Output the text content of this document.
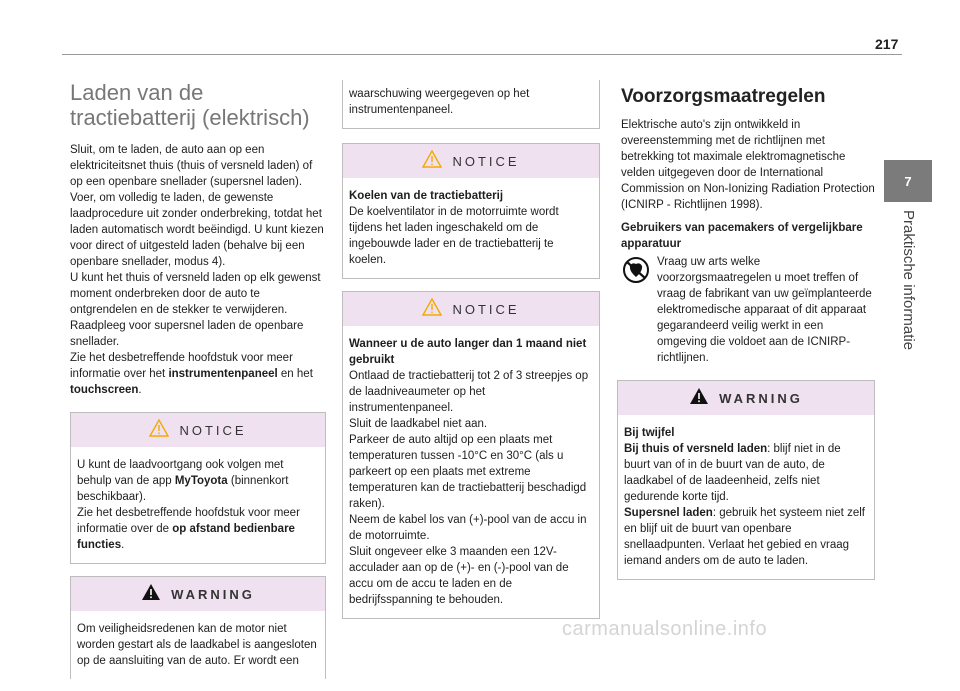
217
7
Praktische informatie
Laden van de tractiebatterij (elektrisch)

Sluit, om te laden, de auto aan op een elektriciteitsnet thuis (thuis of versneld laden) of op een openbare snellader (supersnel laden).

Voer, om volledig te laden, de gewenste laadprocedure uit zonder onderbreking, totdat het laden automatisch wordt beëindigd. U kunt kiezen voor direct of uitgesteld laden (behalve bij een openbare snellader, modus 4).

U kunt het thuis of versneld laden op elk gewenst moment onderbreken door de auto te ontgrendelen en de stekker te verwijderen. Raadpleeg voor supersnel laden de openbare snellader.

Zie het desbetreffende hoofdstuk voor meer informatie over het instrumentenpaneel en het touchscreen.

NOTICE

U kunt de laadvoortgang ook volgen met behulp van de app MyToyota (binnenkort beschikbaar).

Zie het desbetreffende hoofdstuk voor meer informatie over de op afstand bedienbare functies.

WARNING

Om veiligheidsredenen kan de motor niet worden gestart als de laadkabel is aangesloten op de aansluiting van de auto. Er wordt een

waarschuwing weergegeven op het instrumentenpaneel.

NOTICE

Koelen van de tractiebatterij

De koelventilator in de motorruimte wordt tijdens het laden ingeschakeld om de ingebouwde lader en de tractiebatterij te koelen.

NOTICE

Wanneer u de auto langer dan 1 maand niet gebruikt

Ontlaad de tractiebatterij tot 2 of 3 streepjes op de laadniveaumeter op het instrumentenpaneel.

Sluit de laadkabel niet aan.

Parkeer de auto altijd op een plaats met temperaturen tussen -10°C en 30°C (als u parkeert op een plaats met extreme temperaturen kan de tractiebatterij beschadigd raken).

Neem de kabel los van (+)-pool van de accu in de motorruimte.

Sluit ongeveer elke 3 maanden een 12V-acculader aan op de (+)- en (-)-pool van de accu om de accu te laden en de bedrijfsspanning te behouden.

Voorzorgsmaatregelen

Elektrische auto's zijn ontwikkeld in overeenstemming met de richtlijnen met betrekking tot maximale elektromagnetische velden uitgegeven door de International Commission on Non-Ionizing Radiation Protection (ICNIRP - Richtlijnen 1998).

Gebruikers van pacemakers of vergelijkbare apparatuur

Vraag uw arts welke voorzorgsmaatregelen u moet treffen of vraag de fabrikant van uw geïmplanteerde elektromedische apparaat of dit apparaat gegarandeerd veilig werkt in een omgeving die voldoet aan de ICNIRP-richtlijnen.

WARNING

Bij twijfel

Bij thuis of versneld laden: blijf niet in de buurt van of in de buurt van de auto, de laadkabel of de laadeenheid, zelfs niet gedurende korte tijd.

Supersnel laden: gebruik het systeem niet zelf en blijf uit de buurt van openbare snellaadpunten. Verlaat het gebied en vraag iemand anders om de auto te laden.

carmanualsonline.info
